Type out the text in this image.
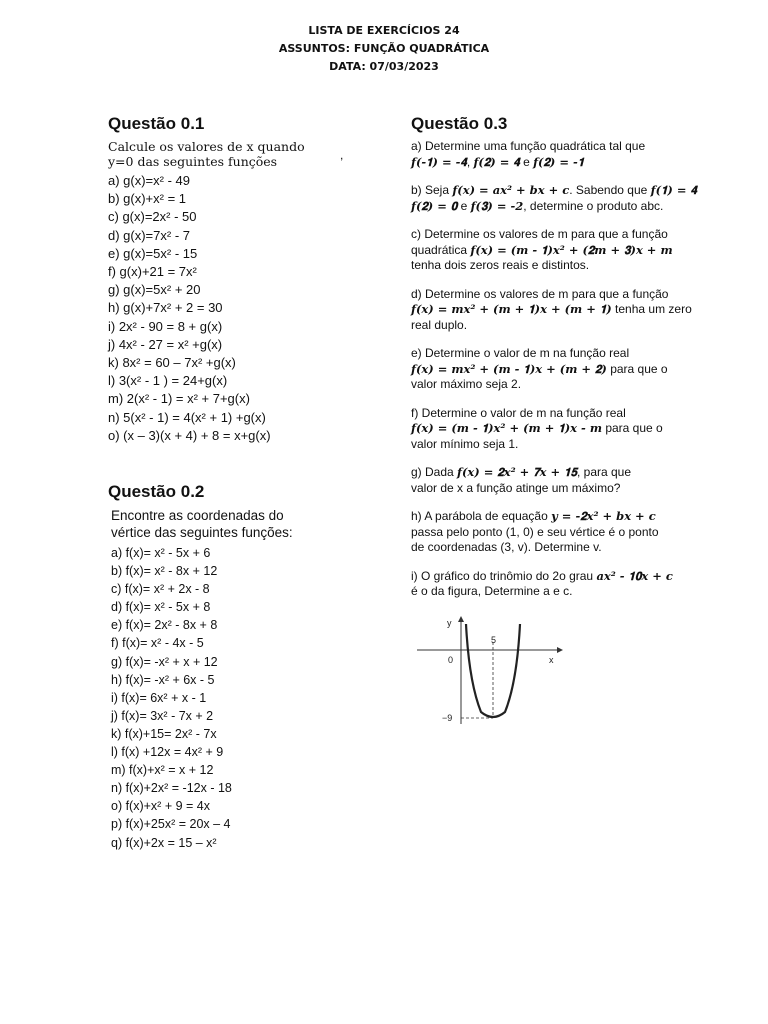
LISTA DE EXERCÍCIOS 24
ASSUNTOS: FUNÇÃO QUADRÁTICA
DATA: 07/03/2023
Questão 0.1
Calcule os valores de x quando
y=0 das seguintes funções
a) g(x)=x² - 49
b) g(x)+x² = 1
c) g(x)=2x² - 50
d) g(x)=7x² - 7
e) g(x)=5x² - 15
f) g(x)+21 = 7x²
g) g(x)=5x² + 20
h) g(x)+7x² + 2 = 30
i) 2x² - 90 = 8 + g(x)
j) 4x² - 27 = x² +g(x)
k) 8x² = 60 – 7x² +g(x)
l) 3(x² - 1 ) = 24+g(x)
m) 2(x² - 1) = x² + 7+g(x)
n) 5(x² - 1) = 4(x² + 1) +g(x)
o) (x – 3)(x + 4) + 8 = x+g(x)
Questão 0.2
Encontre as coordenadas do
vértice das seguintes funções:
a) f(x)= x² - 5x + 6
b) f(x)= x² - 8x + 12
c) f(x)= x² + 2x - 8
d) f(x)= x² - 5x + 8
e) f(x)= 2x² - 8x + 8
f) f(x)= x² - 4x - 5
g) f(x)= -x² + x + 12
h) f(x)= -x² + 6x - 5
i) f(x)= 6x² + x - 1
j) f(x)= 3x² - 7x + 2
k) f(x)+15= 2x² - 7x
l) f(x) +12x = 4x² + 9
m) f(x)+x² = x + 12
n) f(x)+2x² = -12x - 18
o) f(x)+x² + 9 = 4x
p) f(x)+25x² = 20x – 4
q) f(x)+2x = 15 – x²
,
Questão 0.3
a) Determine uma função quadrática tal que
𝒇(-𝟏) = -𝟒, 𝒇(𝟐) = 𝟒 e 𝒇(𝟐) = -𝟏
b) Seja 𝒇(𝒙) = 𝒂𝒙² + 𝒃𝒙 + 𝒄. Sabendo que 𝒇(𝟏) = 𝟒
𝒇(𝟐) = 𝟎 e 𝒇(𝟑) = -2, determine o produto abc.
c) Determine os valores de m para que a função
quadrática 𝒇(𝒙) = (𝒎 - 𝟏)𝒙² + (𝟐𝒎 + 𝟑)𝒙 + 𝒎
tenha dois zeros reais e distintos.
d) Determine os valores de m para que a função
𝒇(𝒙) = 𝒎𝒙² + (𝒎 + 𝟏)𝒙 + (𝒎 + 𝟏) tenha um zero
real duplo.
e) Determine o valor de m na função real
𝒇(𝒙) = 𝒎𝒙² + (𝒎 - 𝟏)𝒙 + (𝒎 + 𝟐) para que o
valor máximo seja 2.
f) Determine o valor de m na função real
𝒇(𝒙) = (𝒎 - 𝟏)𝒙² + (𝒎 + 𝟏)𝒙 - 𝒎 para que o
valor mínimo seja 1.
g) Dada 𝒇(𝒙) = 𝟐𝒙² + 𝟕𝒙 + 𝟏𝟓, para que
valor de x a função atinge um máximo?
h) A parábola de equação 𝒚 = -𝟐𝒙² + 𝒃𝒙 + 𝒄
passa pelo ponto (1, 0) e seu vértice é o ponto
de coordenadas (3, v). Determine v.
i) O gráfico do trinômio do 2o grau 𝒂𝒙² - 𝟏𝟎𝒙 + 𝒄
é o da figura, Determine a e c.
y
x
0
5
−9
